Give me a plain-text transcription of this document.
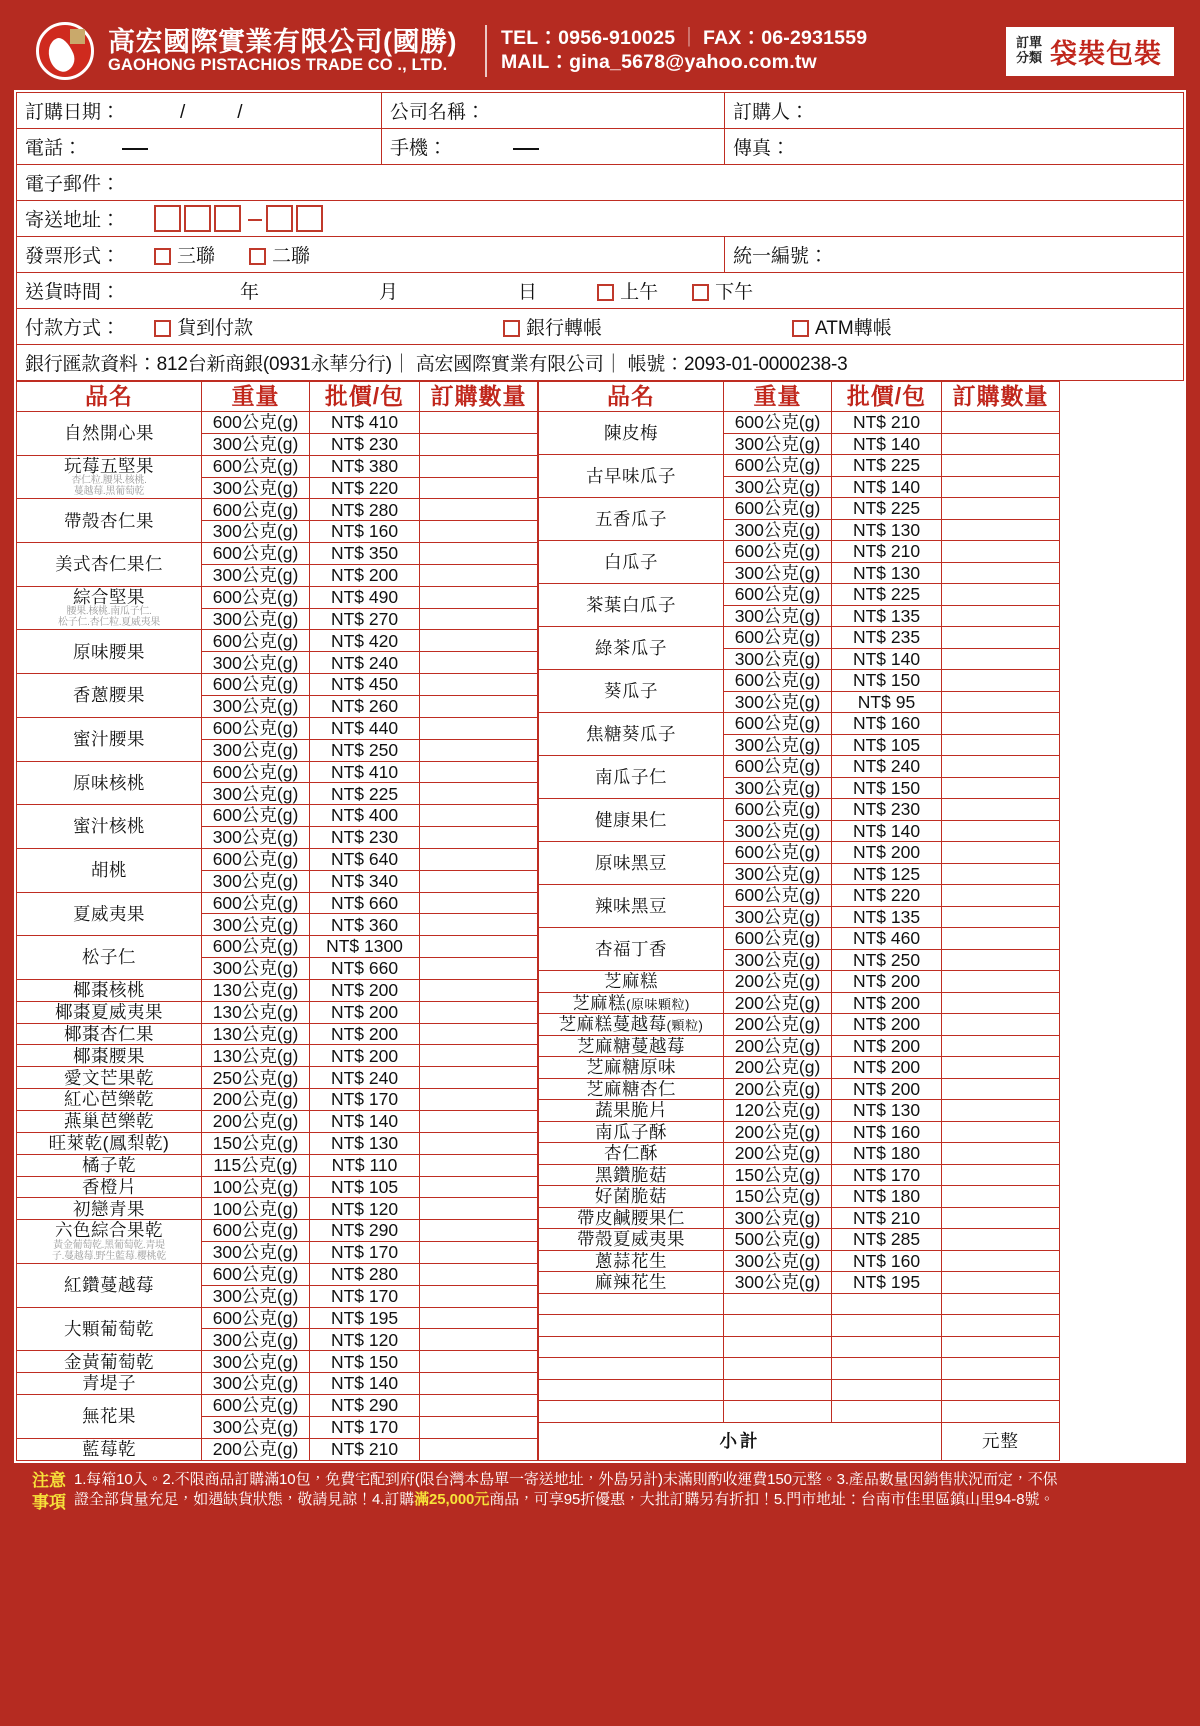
高宏國際實業有限公司(國勝)
GAOHONG PISTACHIOS TRADE CO ., LTD.
TEL：0956-910025 ｜ FAX：06-2931559
MAIL：gina_5678@yahoo.com.tw
訂單
分類 袋裝包裝
訂購日期： / /	公司名稱：	訂購人：
電話：	手機：	傳真：
電子郵件：		
寄送地址：		
發票形式： 三聯 二聯		統一編號：
送貨時間： 年 月 日 上午 下午		
付款方式： 貨到付款 銀行轉帳 ATM轉帳		
銀行匯款資料：812台新商銀(0931永華分行)｜ 高宏國際實業有限公司｜ 帳號：2093-01-0000238-3		
品名	重量	批價/包	訂購數量
自然開心果	600公克(g)	NT$ 410	
	300公克(g)	NT$ 230	
玩莓五堅果
杏仁粒.腰果.核桃.
蔓越莓.黑葡萄乾	600公克(g)	NT$ 380	
	300公克(g)	NT$ 220	
帶殼杏仁果	600公克(g)	NT$ 280	
	300公克(g)	NT$ 160	
美式杏仁果仁	600公克(g)	NT$ 350	
	300公克(g)	NT$ 200	
綜合堅果
腰果.核桃.南瓜子仁.
松子仁.杏仁粒.夏威夷果	600公克(g)	NT$ 490	
	300公克(g)	NT$ 270	
原味腰果	600公克(g)	NT$ 420	
	300公克(g)	NT$ 240	
香蔥腰果	600公克(g)	NT$ 450	
	300公克(g)	NT$ 260	
蜜汁腰果	600公克(g)	NT$ 440	
	300公克(g)	NT$ 250	
原味核桃	600公克(g)	NT$ 410	
	300公克(g)	NT$ 225	
蜜汁核桃	600公克(g)	NT$ 400	
	300公克(g)	NT$ 230	
胡桃	600公克(g)	NT$ 640	
	300公克(g)	NT$ 340	
夏威夷果	600公克(g)	NT$ 660	
	300公克(g)	NT$ 360	
松子仁	600公克(g)	NT$ 1300	
	300公克(g)	NT$ 660	
椰棗核桃	130公克(g)	NT$ 200	
椰棗夏威夷果	130公克(g)	NT$ 200	
椰棗杏仁果	130公克(g)	NT$ 200	
椰棗腰果	130公克(g)	NT$ 200	
愛文芒果乾	250公克(g)	NT$ 240	
紅心芭樂乾	200公克(g)	NT$ 170	
燕巢芭樂乾	200公克(g)	NT$ 140	
旺萊乾(鳳梨乾)	150公克(g)	NT$ 130	
橘子乾	115公克(g)	NT$ 110	
香橙片	100公克(g)	NT$ 105	
初戀青果	100公克(g)	NT$ 120	
六色綜合果乾
黃金葡萄乾.黑葡萄乾.青堤
子.蔓越莓.野生藍莓.櫻桃乾	600公克(g)	NT$ 290	
	300公克(g)	NT$ 170	
紅鑽蔓越莓	600公克(g)	NT$ 280	
	300公克(g)	NT$ 170	
大顆葡萄乾	600公克(g)	NT$ 195	
	300公克(g)	NT$ 120	
金黃葡萄乾	300公克(g)	NT$ 150	
青堤子	300公克(g)	NT$ 140	
無花果	600公克(g)	NT$ 290	
	300公克(g)	NT$ 170	
藍莓乾	200公克(g)	NT$ 210	
品名	重量	批價/包	訂購數量
陳皮梅	600公克(g)	NT$ 210	
	300公克(g)	NT$ 140	
古早味瓜子	600公克(g)	NT$ 225	
	300公克(g)	NT$ 140	
五香瓜子	600公克(g)	NT$ 225	
	300公克(g)	NT$ 130	
白瓜子	600公克(g)	NT$ 210	
	300公克(g)	NT$ 130	
茶葉白瓜子	600公克(g)	NT$ 225	
	300公克(g)	NT$ 135	
綠茶瓜子	600公克(g)	NT$ 235	
	300公克(g)	NT$ 140	
葵瓜子	600公克(g)	NT$ 150	
	300公克(g)	NT$ 95	
焦糖葵瓜子	600公克(g)	NT$ 160	
	300公克(g)	NT$ 105	
南瓜子仁	600公克(g)	NT$ 240	
	300公克(g)	NT$ 150	
健康果仁	600公克(g)	NT$ 230	
	300公克(g)	NT$ 140	
原味黑豆	600公克(g)	NT$ 200	
	300公克(g)	NT$ 125	
辣味黑豆	600公克(g)	NT$ 220	
	300公克(g)	NT$ 135	
杏福丁香	600公克(g)	NT$ 460	
	300公克(g)	NT$ 250	
芝麻糕	200公克(g)	NT$ 200	
芝麻糕(原味顆粒)	200公克(g)	NT$ 200	
芝麻糕蔓越莓(顆粒)	200公克(g)	NT$ 200	
芝麻糖蔓越莓	200公克(g)	NT$ 200	
芝麻糖原味	200公克(g)	NT$ 200	
芝麻糖杏仁	200公克(g)	NT$ 200	
蔬果脆片	120公克(g)	NT$ 130	
南瓜子酥	200公克(g)	NT$ 160	
杏仁酥	200公克(g)	NT$ 180	
黑鑽脆菇	150公克(g)	NT$ 170	
好菌脆菇	150公克(g)	NT$ 180	
帶皮鹹腰果仁	300公克(g)	NT$ 210	
帶殼夏威夷果	500公克(g)	NT$ 285	
蔥蒜花生	300公克(g)	NT$ 160	
麻辣花生	300公克(g)	NT$ 195	

小計			元整
注意
事項
1.每箱10入。2.不限商品訂購滿10包，免費宅配到府(限台灣本島單一寄送地址，外島另計)未滿則酌收運費150元整。3.產品數量因銷售狀況而定，不保
證全部貨量充足，如遇缺貨狀態，敬請見諒！4.訂購滿25,000元商品，可享95折優惠，大批訂購另有折扣！5.門市地址：台南市佳里區鎮山里94-8號。
